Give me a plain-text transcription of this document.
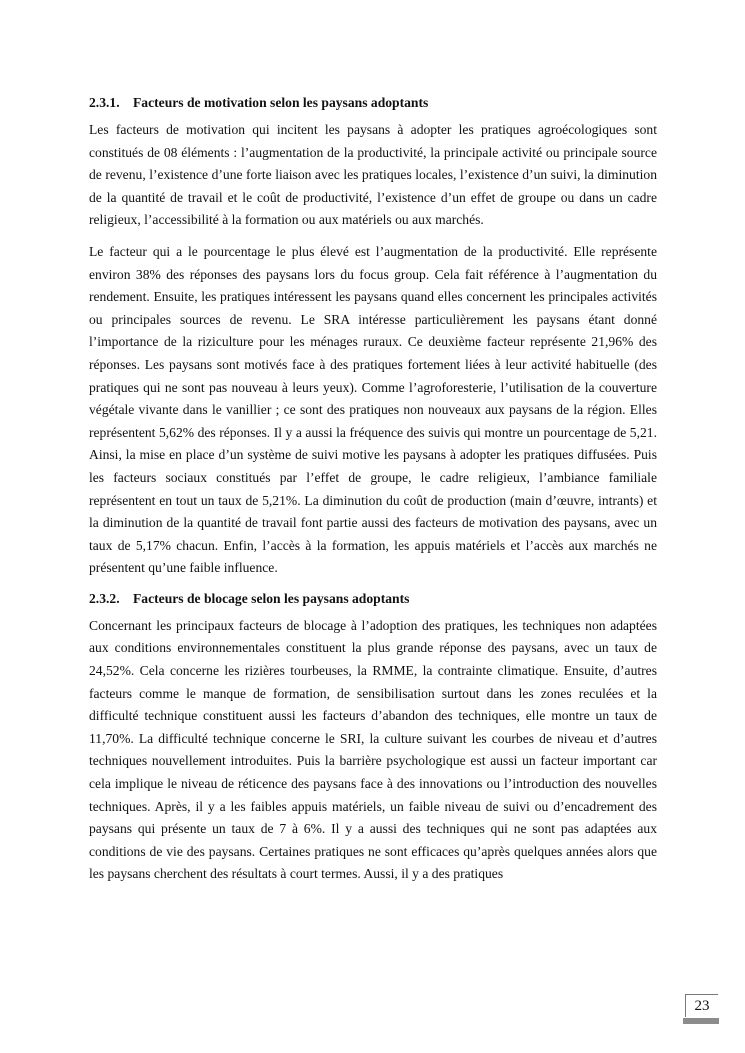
2.3.1. Facteurs de motivation selon les paysans adoptants

Les facteurs de motivation qui incitent les paysans à adopter les pratiques agroécologiques sont constitués de 08 éléments : l’augmentation de la productivité, la principale activité ou principale source de revenu, l’existence d’une forte liaison avec les pratiques locales, l’existence d’un suivi, la diminution de la quantité de travail et le coût de productivité, l’existence d’un effet de groupe ou dans un cadre religieux, l’accessibilité à la formation ou aux matériels ou aux marchés.

Le facteur qui a le pourcentage le plus élevé est l’augmentation de la productivité. Elle représente environ 38% des réponses des paysans lors du focus group. Cela fait référence à l’augmentation du rendement. Ensuite, les pratiques intéressent les paysans quand elles concernent les principales activités ou principales sources de revenu. Le SRA intéresse particulièrement les paysans étant donné l’importance de la riziculture pour les ménages ruraux. Ce deuxième facteur représente 21,96% des réponses. Les paysans sont motivés face à des pratiques fortement liées à leur activité habituelle (des pratiques qui ne sont pas nouveau à leurs yeux). Comme l’agroforesterie, l’utilisation de la couverture végétale vivante dans le vanillier ; ce sont des pratiques non nouveaux aux paysans de la région. Elles représentent 5,62% des réponses. Il y a aussi la fréquence des suivis qui montre un pourcentage de 5,21. Ainsi, la mise en place d’un système de suivi motive les paysans à adopter les pratiques diffusées. Puis les facteurs sociaux constitués par l’effet de groupe, le cadre religieux, l’ambiance familiale représentent en tout un taux de 5,21%. La diminution du coût de production (main d’œuvre, intrants) et la diminution de la quantité de travail font partie aussi des facteurs de motivation des paysans, avec un taux de 5,17% chacun. Enfin, l’accès à la formation, les appuis matériels et l’accès aux marchés ne présentent qu’une faible influence.

2.3.2. Facteurs de blocage selon les paysans adoptants

Concernant les principaux facteurs de blocage à l’adoption des pratiques, les techniques non adaptées aux conditions environnementales constituent la plus grande réponse des paysans, avec un taux de 24,52%. Cela concerne les rizières tourbeuses, la RMME, la contrainte climatique. Ensuite, d’autres facteurs comme le manque de formation, de sensibilisation surtout dans les zones reculées et la difficulté technique constituent aussi les facteurs d’abandon des techniques, elle montre un taux de 11,70%. La difficulté technique concerne le SRI, la culture suivant les courbes de niveau et d’autres techniques nouvellement introduites. Puis la barrière psychologique est aussi un facteur important car cela implique le niveau de réticence des paysans face à des innovations ou l’introduction des nouvelles techniques. Après, il y a les faibles appuis matériels, un faible niveau de suivi ou d’encadrement des paysans qui présente un taux de 7 à 6%. Il y a aussi des techniques qui ne sont pas adaptées aux conditions de vie des paysans. Certaines pratiques ne sont efficaces qu’après quelques années alors que les paysans cherchent des résultats à court termes. Aussi, il y a des pratiques

23
